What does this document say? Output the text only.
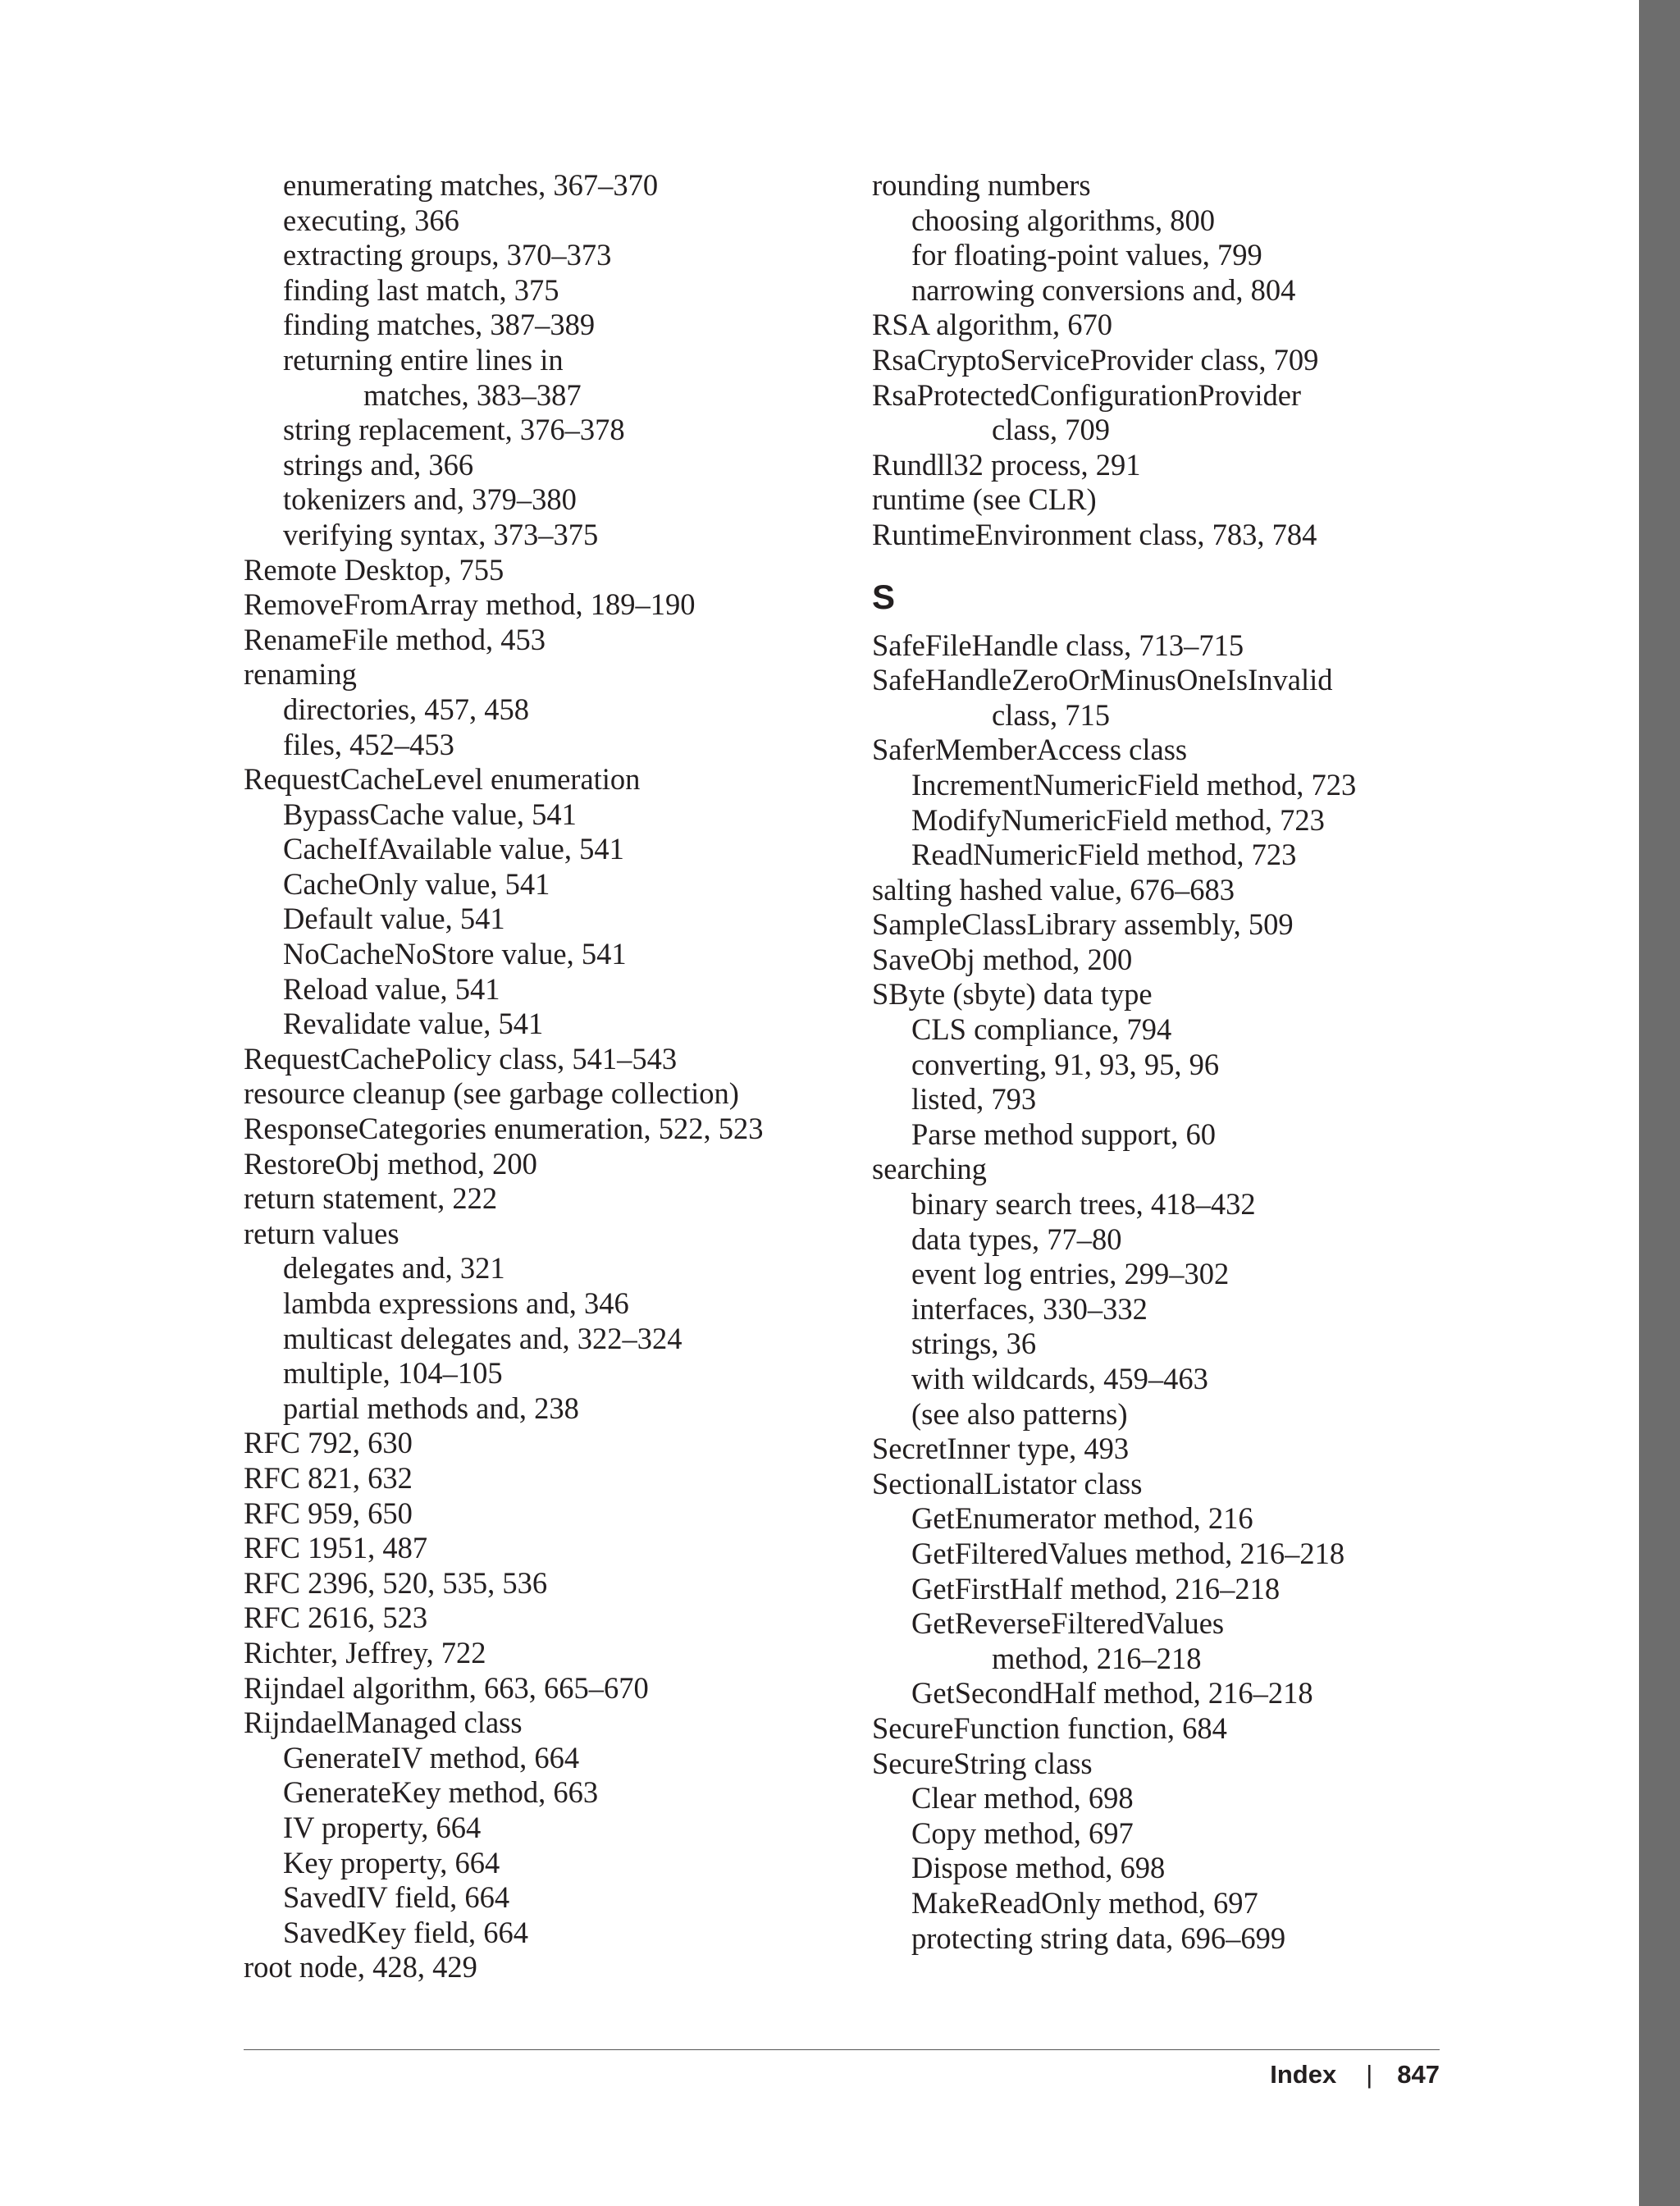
enumerating matches, 367–370
executing, 366
extracting groups, 370–373
finding last match, 375
finding matches, 387–389
returning entire lines in
matches, 383–387
string replacement, 376–378
strings and, 366
tokenizers and, 379–380
verifying syntax, 373–375
Remote Desktop, 755
RemoveFromArray method, 189–190
RenameFile method, 453
renaming
directories, 457, 458
files, 452–453
RequestCacheLevel enumeration
BypassCache value, 541
CacheIfAvailable value, 541
CacheOnly value, 541
Default value, 541
NoCacheNoStore value, 541
Reload value, 541
Revalidate value, 541
RequestCachePolicy class, 541–543
resource cleanup (see garbage collection)
ResponseCategories enumeration, 522, 523
RestoreObj method, 200
return statement, 222
return values
delegates and, 321
lambda expressions and, 346
multicast delegates and, 322–324
multiple, 104–105
partial methods and, 238
RFC 792, 630
RFC 821, 632
RFC 959, 650
RFC 1951, 487
RFC 2396, 520, 535, 536
RFC 2616, 523
Richter, Jeffrey, 722
Rijndael algorithm, 663, 665–670
RijndaelManaged class
GenerateIV method, 664
GenerateKey method, 663
IV property, 664
Key property, 664
SavedIV field, 664
SavedKey field, 664
root node, 428, 429
rounding numbers
choosing algorithms, 800
for floating-point values, 799
narrowing conversions and, 804
RSA algorithm, 670
RsaCryptoServiceProvider class, 709
RsaProtectedConfigurationProvider
class, 709
Rundll32 process, 291
runtime (see CLR)
RuntimeEnvironment class, 783, 784
S
SafeFileHandle class, 713–715
SafeHandleZeroOrMinusOneIsInvalid
class, 715
SaferMemberAccess class
IncrementNumericField method, 723
ModifyNumericField method, 723
ReadNumericField method, 723
salting hashed value, 676–683
SampleClassLibrary assembly, 509
SaveObj method, 200
SByte (sbyte) data type
CLS compliance, 794
converting, 91, 93, 95, 96
listed, 793
Parse method support, 60
searching
binary search trees, 418–432
data types, 77–80
event log entries, 299–302
interfaces, 330–332
strings, 36
with wildcards, 459–463
(see also patterns)
SecretInner type, 493
SectionalListator class
GetEnumerator method, 216
GetFilteredValues method, 216–218
GetFirstHalf method, 216–218
GetReverseFilteredValues
method, 216–218
GetSecondHalf method, 216–218
SecureFunction function, 684
SecureString class
Clear method, 698
Copy method, 697
Dispose method, 698
MakeReadOnly method, 697
protecting string data, 696–699
Index | 847
